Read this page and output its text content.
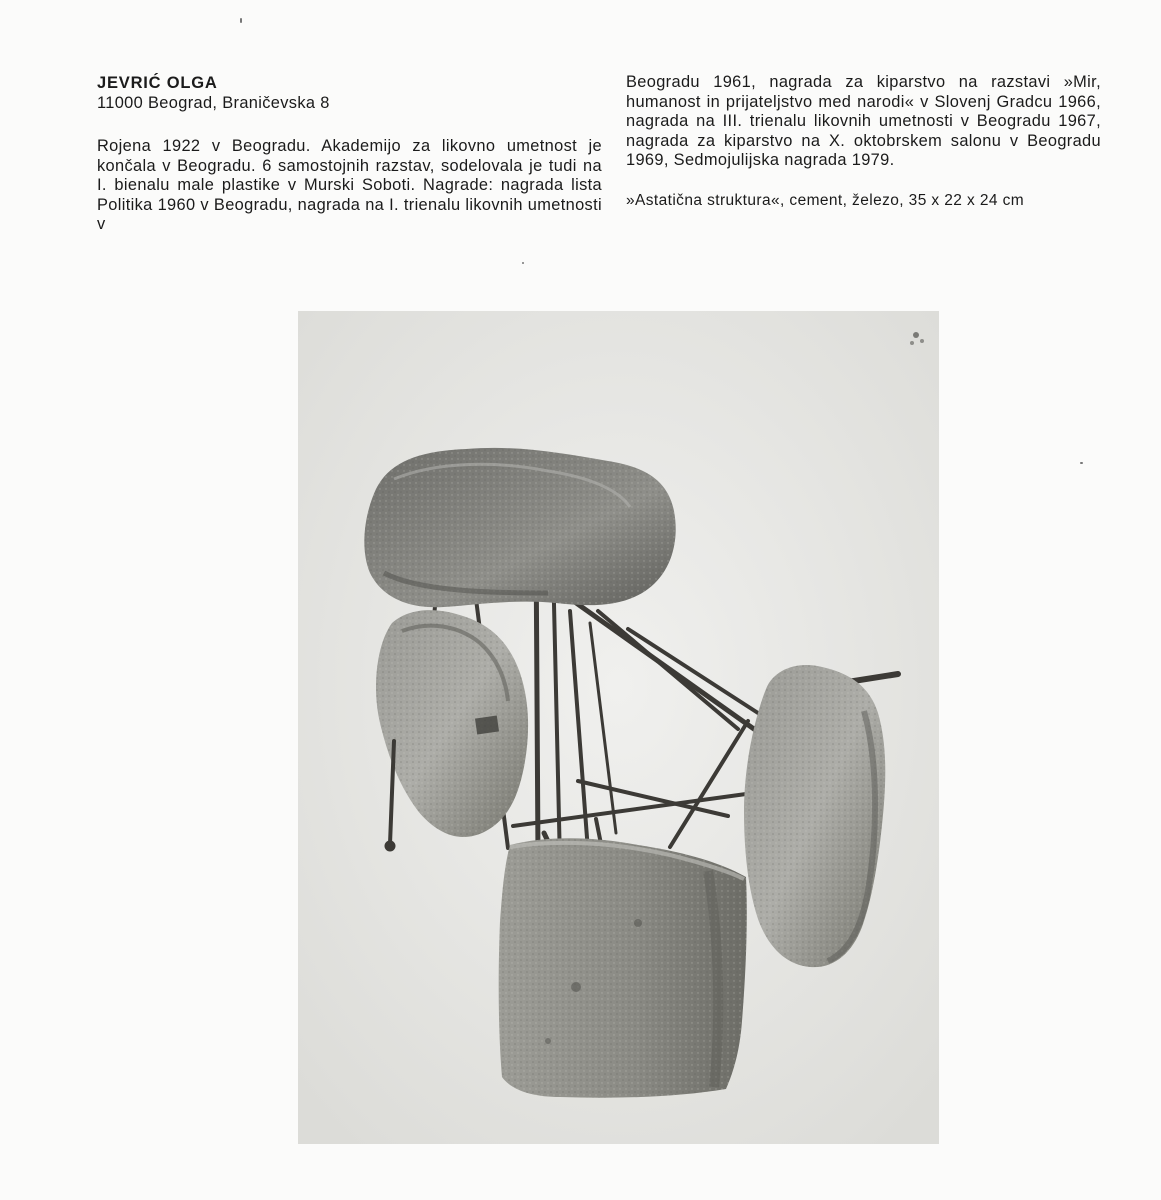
JEVRIĆ OLGA

11000 Beograd, Braničevska 8

Rojena 1922 v Beogradu. Akademijo za likovno umetnost je končala v Beogradu. 6 samostojnih razstav, sodelovala je tudi na I. bienalu male plastike v Murski Soboti. Nagrade: nagrada lista Politika 1960 v Beogradu, nagrada na I. trienalu likovnih umetnosti v

Beogradu 1961, nagrada za kiparstvo na razstavi »Mir, humanost in prijateljstvo med narodi« v Slovenj Gradcu 1966, nagrada na III. trienalu likovnih umetnosti v Beogradu 1967, nagrada za kiparstvo na X. oktobrskem salonu v Beogradu 1969, Sedmojulijska nagrada 1979.

»Astatična struktura«, cement, železo, 35 x 22 x 24 cm
